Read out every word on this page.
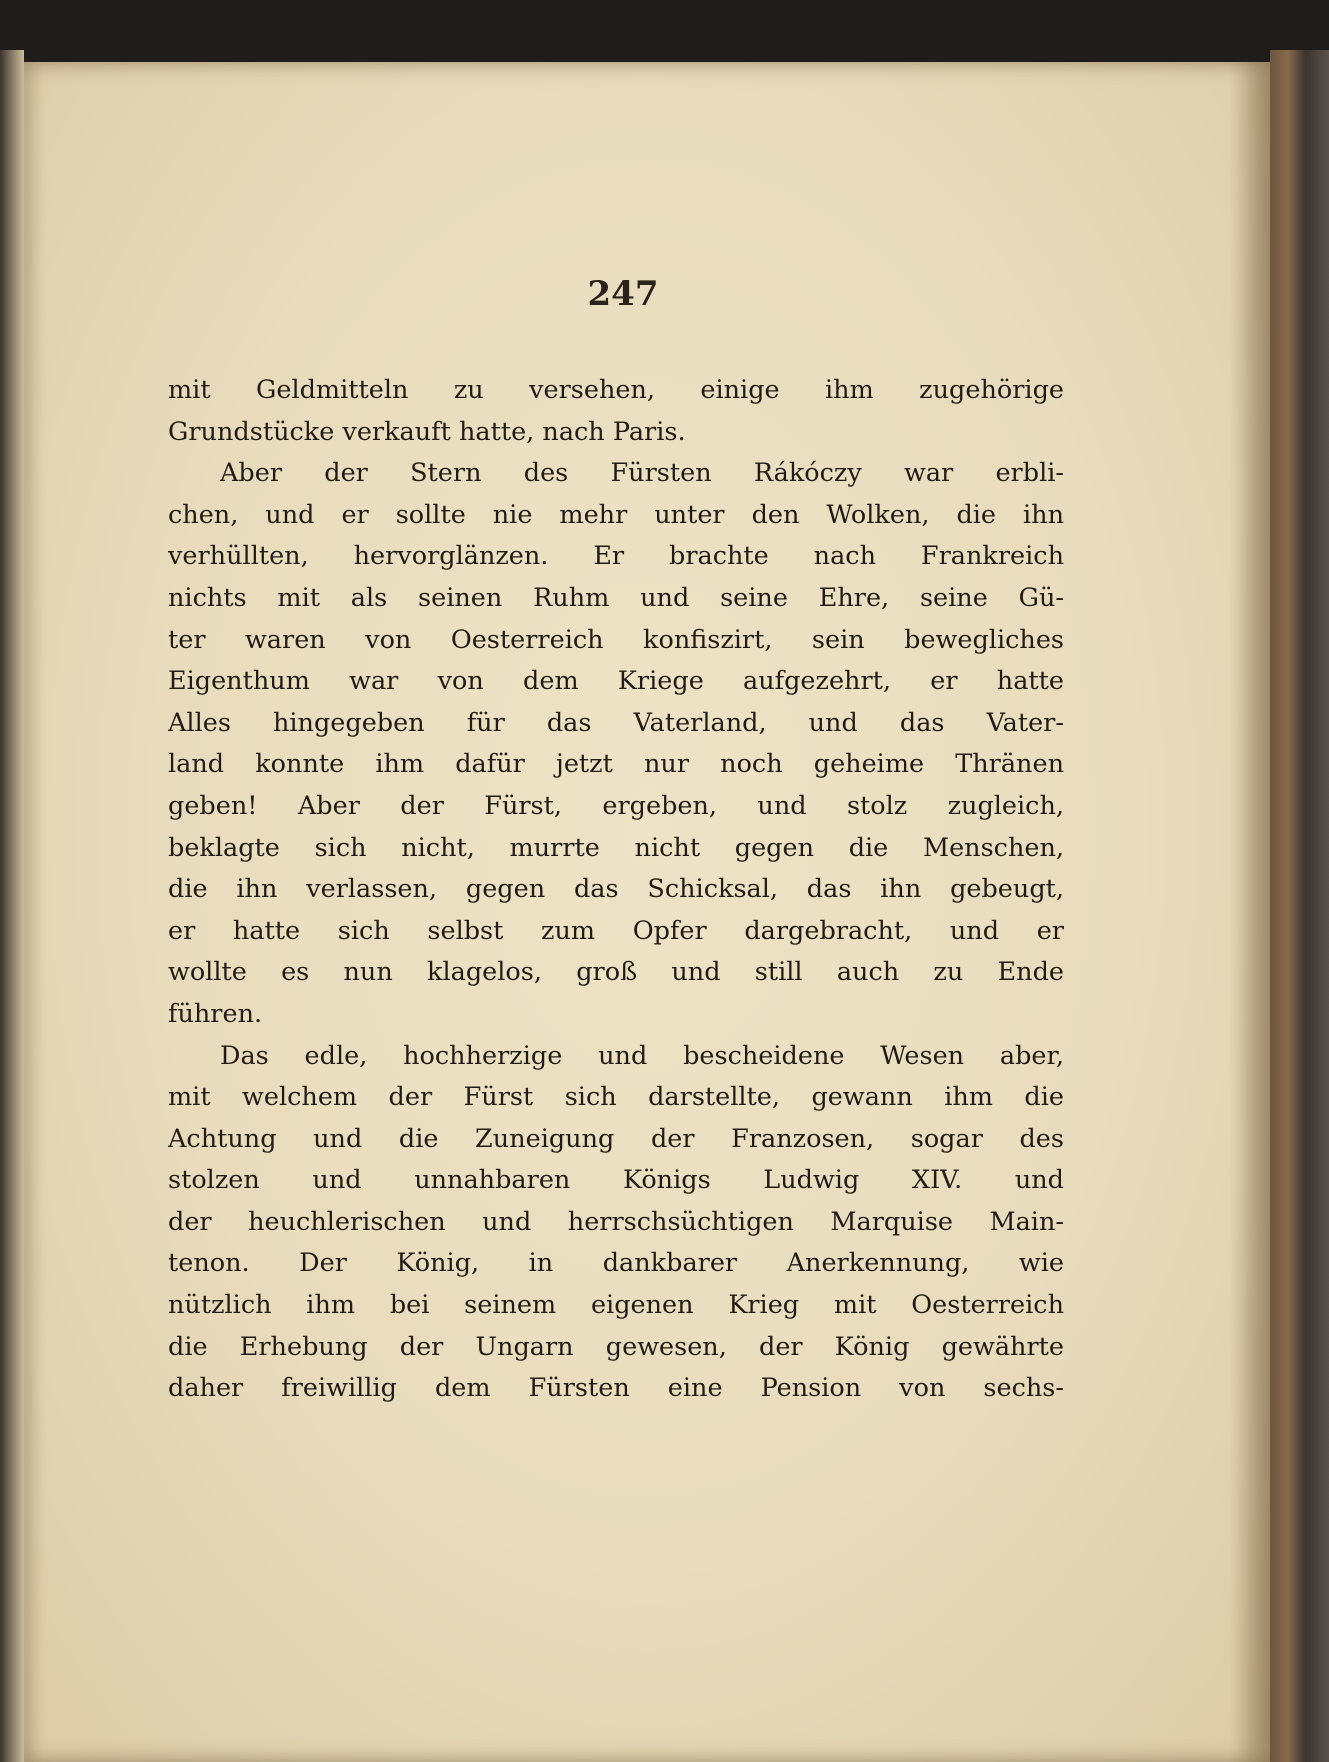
247
mit Geldmitteln zu versehen, einige ihm zugehörige
Grundstücke verkauft hatte, nach Paris.
Aber der Stern des Fürsten Rákóczy war erbli-
chen, und er sollte nie mehr unter den Wolken, die ihn
verhüllten, hervorglänzen. Er brachte nach Frankreich
nichts mit als seinen Ruhm und seine Ehre, seine Gü-
ter waren von Oesterreich konfiszirt, sein bewegliches
Eigenthum war von dem Kriege aufgezehrt, er hatte
Alles hingegeben für das Vaterland, und das Vater-
land konnte ihm dafür jetzt nur noch geheime Thränen
geben! Aber der Fürst, ergeben, und stolz zugleich,
beklagte sich nicht, murrte nicht gegen die Menschen,
die ihn verlassen, gegen das Schicksal, das ihn gebeugt,
er hatte sich selbst zum Opfer dargebracht, und er
wollte es nun klagelos, groß und still auch zu Ende
führen.
Das edle, hochherzige und bescheidene Wesen aber,
mit welchem der Fürst sich darstellte, gewann ihm die
Achtung und die Zuneigung der Franzosen, sogar des
stolzen und unnahbaren Königs Ludwig XIV. und
der heuchlerischen und herrschsüchtigen Marquise Main-
tenon. Der König, in dankbarer Anerkennung, wie
nützlich ihm bei seinem eigenen Krieg mit Oesterreich
die Erhebung der Ungarn gewesen, der König gewährte
daher freiwillig dem Fürsten eine Pension von sechs-
